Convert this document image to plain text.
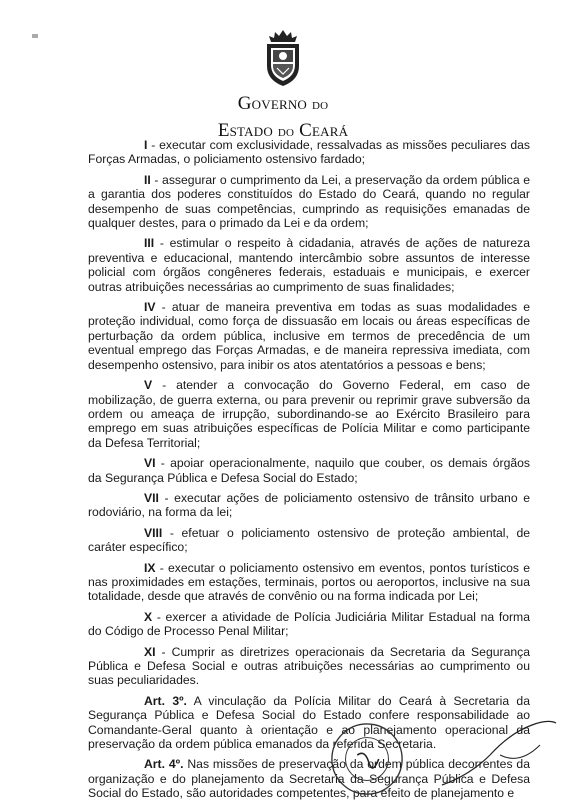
Governo do
Estado do Ceará

I - executar com exclusividade, ressalvadas as missões peculiares das Forças Armadas, o policiamento ostensivo fardado;

II - assegurar o cumprimento da Lei, a preservação da ordem pública e a garantia dos poderes constituídos do Estado do Ceará, quando no regular desempenho de suas competências, cumprindo as requisições emanadas de qualquer destes, para o primado da Lei e da ordem;

III - estimular o respeito à cidadania, através de ações de natureza preventiva e educacional, mantendo intercâmbio sobre assuntos de interesse policial com órgãos congêneres federais, estaduais e municipais, e exercer outras atribuições necessárias ao cumprimento de suas finalidades;

IV - atuar de maneira preventiva em todas as suas modalidades e proteção individual, como força de dissuasão em locais ou áreas específicas de perturbação da ordem pública, inclusive em termos de precedência de um eventual emprego das Forças Armadas, e de maneira repressiva imediata, com desempenho ostensivo, para inibir os atos atentatórios a pessoas e bens;

V - atender a convocação do Governo Federal, em caso de mobilização, de guerra externa, ou para prevenir ou reprimir grave subversão da ordem ou ameaça de irrupção, subordinando-se ao Exército Brasileiro para emprego em suas atribuições específicas de Polícia Militar e como participante da Defesa Territorial;

VI - apoiar operacionalmente, naquilo que couber, os demais órgãos da Segurança Pública e Defesa Social do Estado;

VII - executar ações de policiamento ostensivo de trânsito urbano e rodoviário, na forma da lei;

VIII - efetuar o policiamento ostensivo de proteção ambiental, de caráter específico;

IX - executar o policiamento ostensivo em eventos, pontos turísticos e nas proximidades em estações, terminais, portos ou aeroportos, inclusive na sua totalidade, desde que através de convênio ou na forma indicada por Lei;

X - exercer a atividade de Polícia Judiciária Militar Estadual na forma do Código de Processo Penal Militar;

XI - Cumprir as diretrizes operacionais da Secretaria da Segurança Pública e Defesa Social e outras atribuições necessárias ao cumprimento ou suas peculiaridades.

Art. 3º. A vinculação da Polícia Militar do Ceará à Secretaria da Segurança Pública e Defesa Social do Estado confere responsabilidade ao Comandante-Geral quanto à orientação e ao planejamento operacional da preservação da ordem pública emanados da referida Secretaria.

Art. 4º. Nas missões de preservação da ordem pública decorrentes da organização e do planejamento da Secretaria da Segurança Pública e Defesa Social do Estado, são autoridades competentes, para efeito de planejamento e
